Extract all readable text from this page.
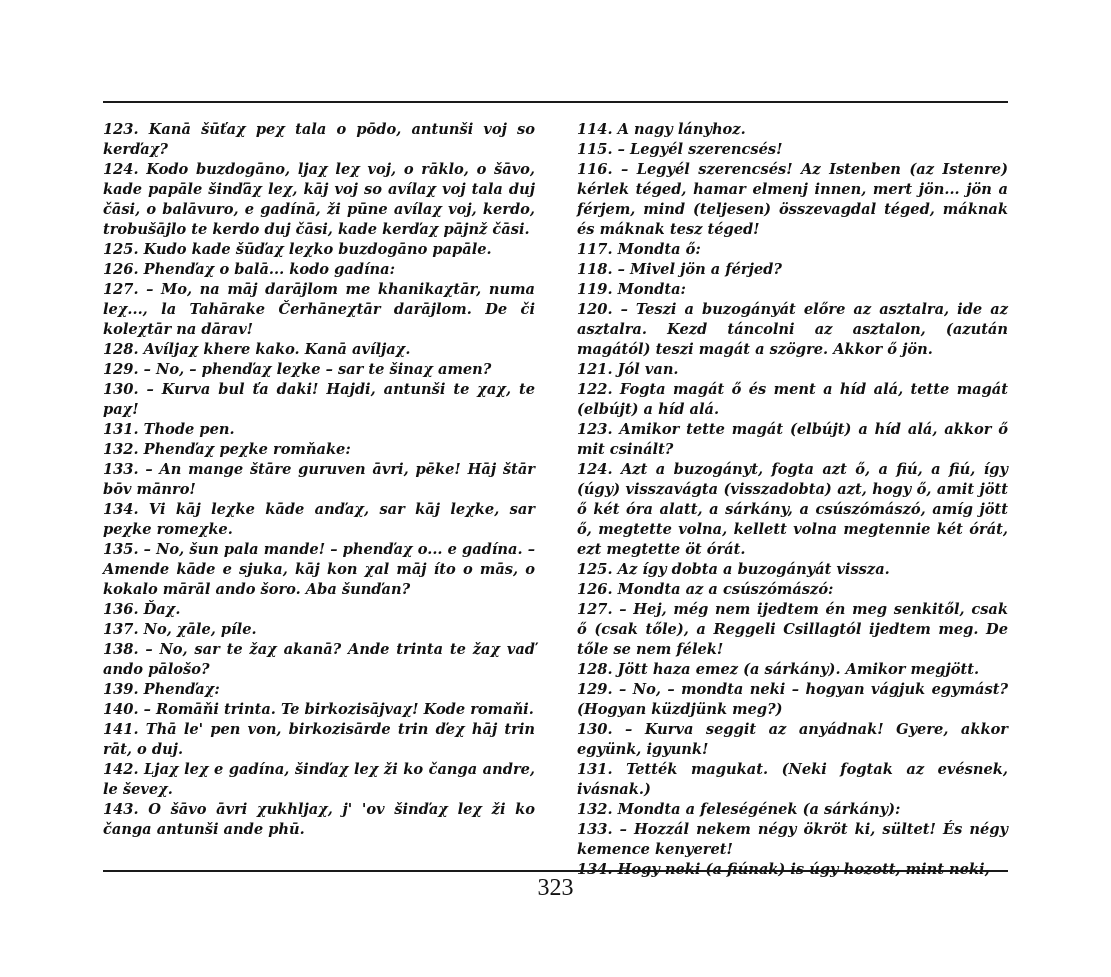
123. Kanā šūťaχ peχ tala o pōdo, antunši voj so kerďaχ?

124. Kodo buzdogāno, ljaχ leχ voj, o rāklo, o šāvo, kade papāle šinďāχ leχ, kāj voj so avílaχ voj tala duj čāsi, o balāvuro, e gadínā, ži pūne avílaχ voj, kerdo, trobušājlo te kerdo duj čāsi, kade kerďaχ pājnž čāsi.

125. Kudo kade šūďaχ leχko buzdogāno papāle.

126. Phenďaχ o balā... kodo gadína:

127. – Mo, na māj darājlom me khanikaχtār, numa leχ..., la Tahārake Čerhāneχtār darājlom. De či koleχtār na dārav!

128. Avíljaχ khere kako. Kanā avíljaχ.

129. – No, – phenďaχ leχke – sar te šinaχ amen?

130. – Kurva bul ťa daki! Hajdi, antunši te χaχ, te paχ!

131. Thode pen.

132. Phenďaχ peχke romňake:

133. – An mange štāre guruven āvri, pēke! Hāj štār bōv mānro!

134. Vi kāj leχke kāde anďaχ, sar kāj leχke, sar peχke romeχke.

135. – No, šun pala mande! – phenďaχ o... e gadína. – Amende kāde e sjuka, kāj kon χal māj íto o mās, o kokalo mārāl ando šoro. Aba šunďan?

136. Ďaχ.

137. No, χāle, píle.

138. – No, sar te žaχ akanā? Ande trinta te žaχ vaď ando pālošo?

139. Phenďaχ:

140. – Romāňi trinta. Te birkozisājvaχ! Kode romaňi.

141. Thā le' pen von, birkozisārde trin ďeχ hāj trin rāt, o duj.

142. Ljaχ leχ e gadína, šinďaχ leχ ži ko čanga andre, le ševeχ.

143. O šāvo āvri χukhljaχ, j' 'ov šinďaχ leχ ži ko čanga antunši ande phū.

114. A nagy lányhoz.

115. – Legyél szerencsés!

116. – Legyél szerencsés! Az Istenben (az Istenre) kérlek téged, hamar elmenj innen, mert jön... jön a férjem, mind (teljesen) összevagdal téged, máknak és máknak tesz téged!

117. Mondta ő:

118. – Mivel jön a férjed?

119. Mondta:

120. – Teszi a buzogányát előre az asztalra, ide az asztalra. Kezd táncolni az asztalon, (azután magától) teszi magát a szögre. Akkor ő jön.

121. Jól van.

122. Fogta magát ő és ment a híd alá, tette magát (elbújt) a híd alá.

123. Amikor tette magát (elbújt) a híd alá, akkor ő mit csinált?

124. Azt a buzogányt, fogta azt ő, a fiú, a fiú, így (úgy) visszavágta (visszadobta) azt, hogy ő, amit jött ő két óra alatt, a sárkány, a csúszómászó, amíg jött ő, megtette volna, kellett volna megtennie két órát, ezt megtette öt órát.

125. Az így dobta a buzogányát vissza.

126. Mondta az a csúszómászó:

127. – Hej, még nem ijedtem én meg senkitől, csak ő (csak tőle), a Reggeli Csillagtól ijedtem meg. De tőle se nem félek!

128. Jött haza emez (a sárkány). Amikor megjött.

129. – No, – mondta neki – hogyan vágjuk egymást? (Hogyan küzdjünk meg?)

130. – Kurva seggit az anyádnak! Gyere, akkor együnk, igyunk!

131. Tették magukat. (Neki fogtak az evésnek, ivásnak.)

132. Mondta a feleségének (a sárkány):

133. – Hozzál nekem négy ökröt ki, sültet! És négy kemence kenyeret!

323
